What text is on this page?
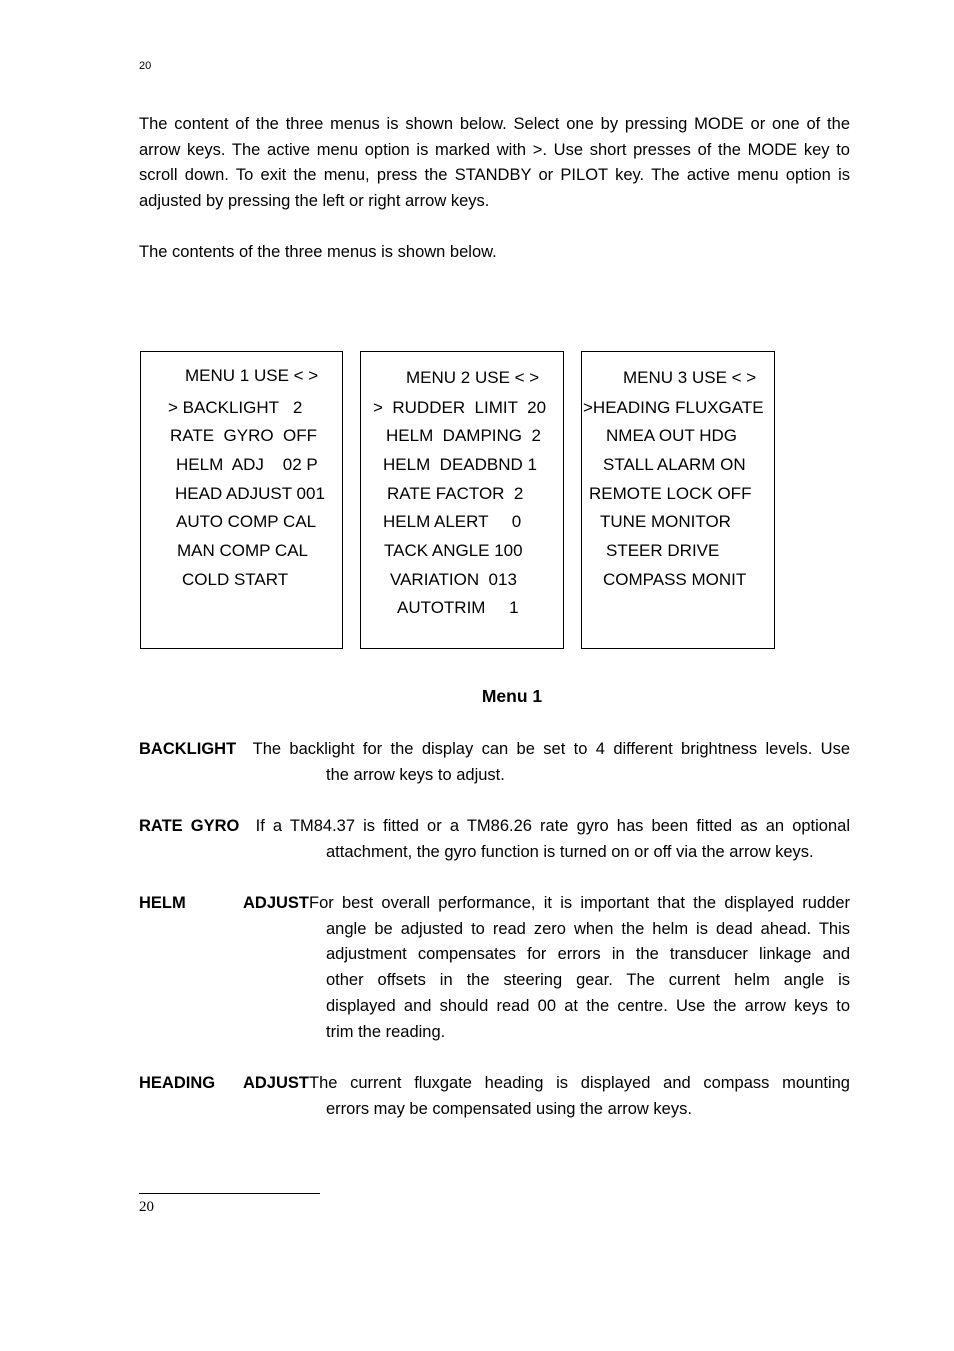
20
The content of the three menus is shown below. Select one by pressing MODE or one of the arrow keys. The active menu option is marked with >. Use short presses of the MODE key to scroll down. To exit the menu, press the STANDBY or PILOT key. The active menu option is adjusted by pressing the left or right arrow keys.
The contents of the three menus is shown below.
MENU 1 USE < >
> BACKLIGHT   2
RATE  GYRO  OFF
HELM  ADJ    02 P
HEAD ADJUST 001
AUTO COMP CAL
MAN COMP CAL
COLD START
MENU 2 USE < >
>  RUDDER  LIMIT  20
HELM  DAMPING  2
HELM  DEADBND 1
RATE FACTOR  2
HELM ALERT     0
TACK ANGLE 100
VARIATION  013
AUTOTRIM     1
MENU 3 USE < >
>HEADING FLUXGATE
NMEA OUT HDG
STALL ALARM ON
REMOTE LOCK OFF
TUNE MONITOR
STEER DRIVE
COMPASS MONIT
Menu 1
BACKLIGHT The backlight for the display can be set to 4 different brightness levels. Use
the arrow keys to adjust.
RATE GYRO If a TM84.37 is fitted or a TM86.26 rate gyro has been fitted as an optional
attachment, the gyro function is turned on or off via the arrow keys.
HELM ADJUST For best overall performance, it is important that the displayed rudder
angle be adjusted to read zero when the helm is dead ahead. This
adjustment compensates for errors in the transducer linkage and
other offsets in the steering gear. The current helm angle is
displayed and should read 00 at the centre. Use the arrow keys to
trim the reading.
HEADING ADJUST The current fluxgate heading is displayed and compass mounting
errors may be compensated using the arrow keys.
20
